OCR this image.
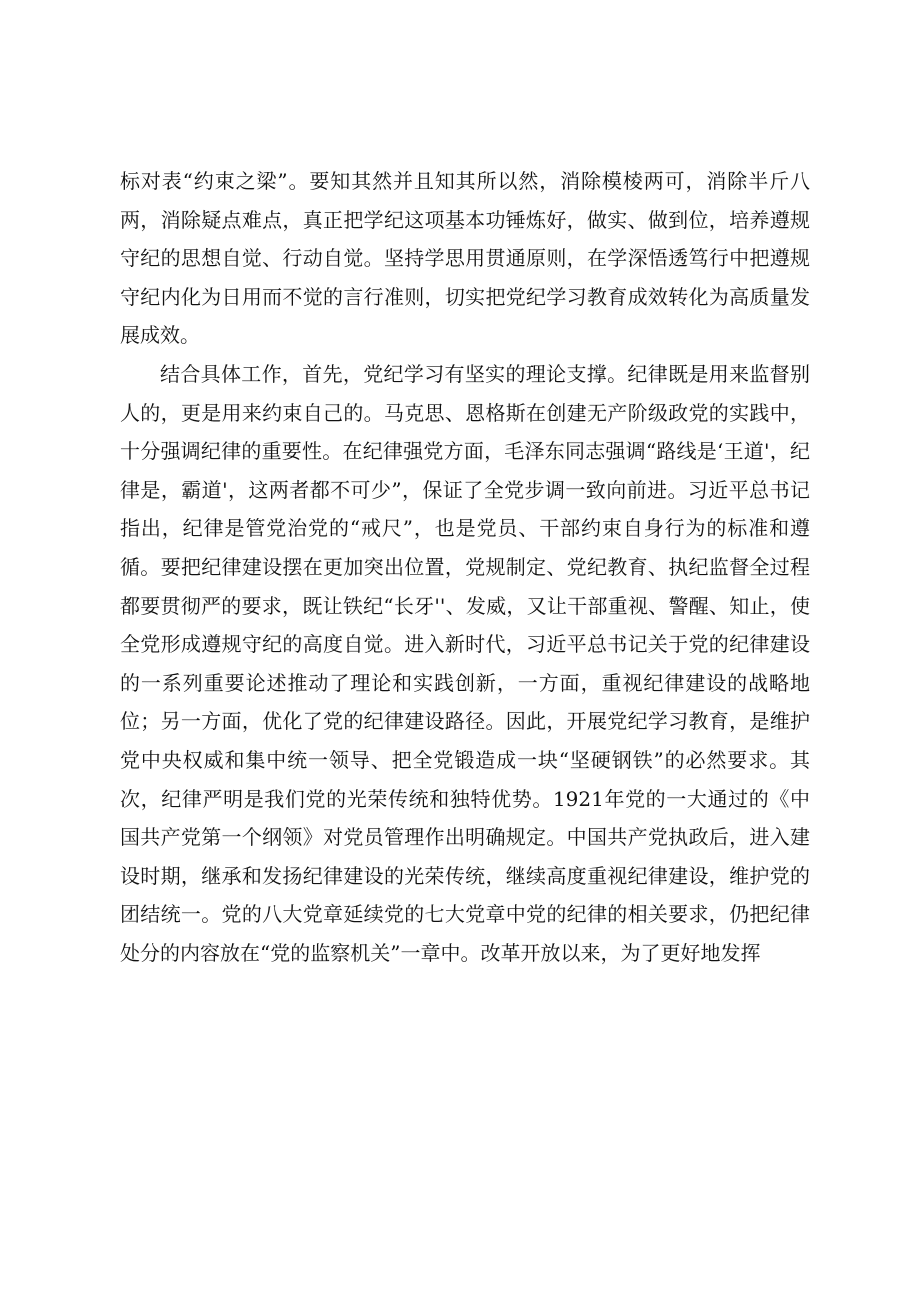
标对表“约束之梁”。要知其然并且知其所以然，消除模棱两可，消除半斤八两，消除疑点难点，真正把学纪这项基本功锤炼好，做实、做到位，培养遵规守纪的思想自觉、行动自觉。坚持学思用贯通原则，在学深悟透笃行中把遵规守纪内化为日用而不觉的言行准则，切实把党纪学习教育成效转化为高质量发展成效。

结合具体工作，首先，党纪学习有坚实的理论支撑。纪律既是用来监督别人的，更是用来约束自己的。马克思、恩格斯在创建无产阶级政党的实践中，十分强调纪律的重要性。在纪律强党方面，毛泽东同志强调“路线是‘王道'，纪律是，霸道'，这两者都不可少”，保证了全党步调一致向前进。习近平总书记指出，纪律是管党治党的“戒尺”，也是党员、干部约束自身行为的标准和遵循。要把纪律建设摆在更加突出位置，党规制定、党纪教育、执纪监督全过程都要贯彻严的要求，既让铁纪“长牙''、发威，又让干部重视、警醒、知止，使全党形成遵规守纪的高度自觉。进入新时代，习近平总书记关于党的纪律建设的一系列重要论述推动了理论和实践创新，一方面，重视纪律建设的战略地位；另一方面，优化了党的纪律建设路径。因此，开展党纪学习教育，是维护党中央权威和集中统一领导、把全党锻造成一块“坚硬钢铁”的必然要求。其次，纪律严明是我们党的光荣传统和独特优势。1921年党的一大通过的《中国共产党第一个纲领》对党员管理作出明确规定。中国共产党执政后，进入建设时期，继承和发扬纪律建设的光荣传统，继续高度重视纪律建设，维护党的团结统一。党的八大党章延续党的七大党章中党的纪律的相关要求，仍把纪律处分的内容放在“党的监察机关”一章中。改革开放以来，为了更好地发挥
